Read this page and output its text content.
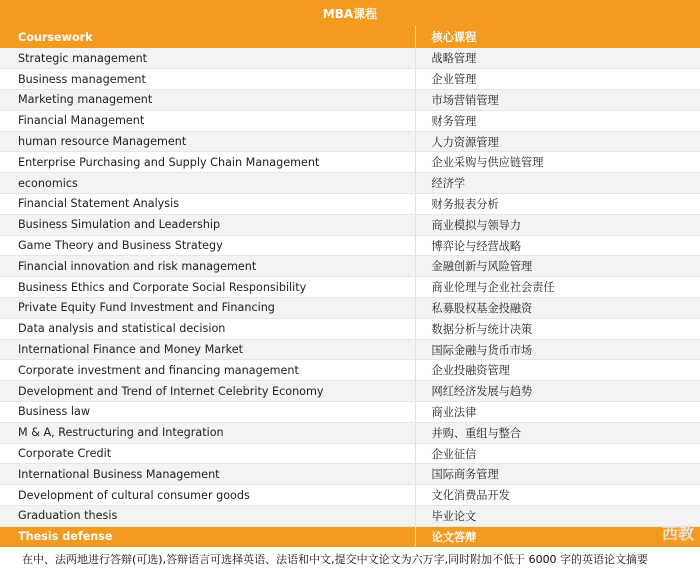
MBA课程
Coursework	核心课程
Strategic management	战略管理
Business management	企业管理
Marketing management	市场营销管理
Financial Management	财务管理
human resource Management	人力资源管理
Enterprise Purchasing and Supply Chain Management	企业采购与供应链管理
economics	经济学
Financial Statement Analysis	财务报表分析
Business Simulation and Leadership	商业模拟与领导力
Game Theory and Business Strategy	博弈论与经营战略
Financial innovation and risk management	金融创新与风险管理
Business Ethics and Corporate Social Responsibility	商业伦理与企业社会责任
Private Equity Fund Investment and Financing	私募股权基金投融资
Data analysis and statistical decision	数据分析与统计决策
International Finance and Money Market	国际金融与货币市场
Corporate investment and financing management	企业投融资管理
Development and Trend of Internet Celebrity Economy	网红经济发展与趋势
Business law	商业法律
M & A, Restructuring and Integration	并购、重组与整合
Corporate Credit	企业征信
International Business Management	国际商务管理
Development of cultural consumer goods	文化消费品开发
Graduation thesis	毕业论文
Thesis defense	论文答辩
在中、法两地进行答辩(可选),答辩语言可选择英语、法语和中文,提交中文论文为六万字,同时附加不低于 6000 字的英语论文摘要
西教
